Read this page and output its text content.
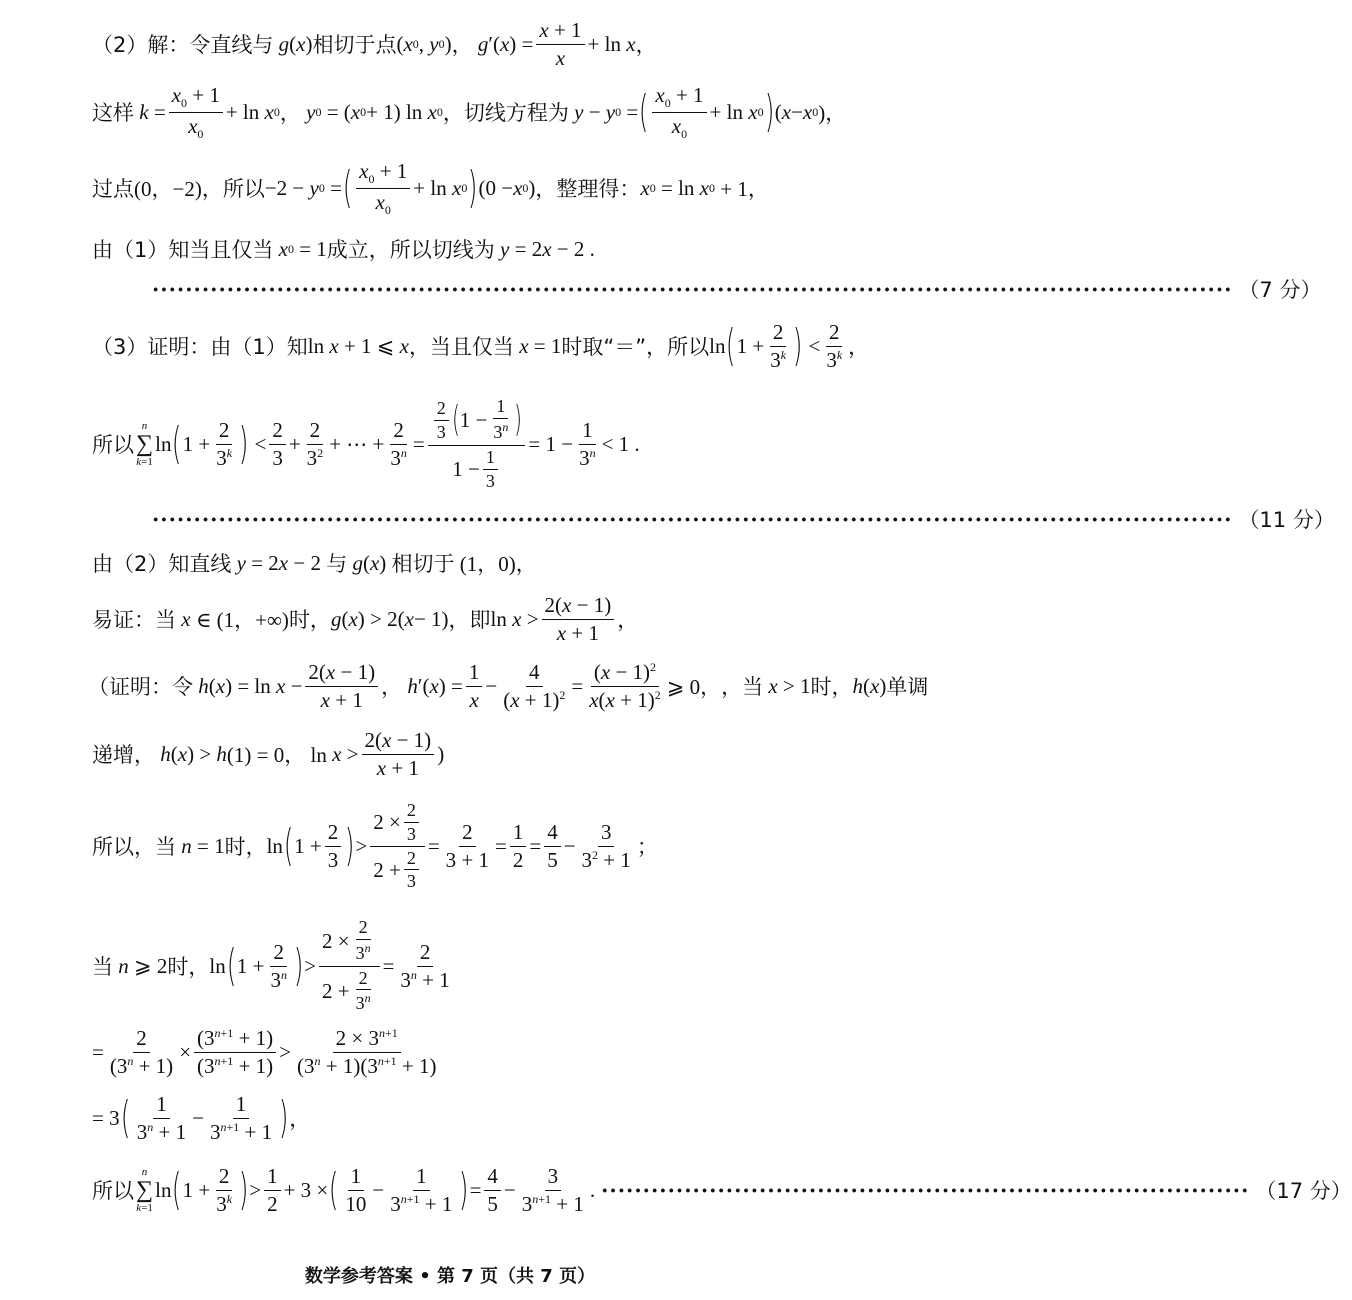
（2）解：令直线与 g ( x ) 相切于点 ( x 0 , y 0 ) ， g ′( x ) = $\frac{x + 1}{x} + \ln x$ ，
这样 $k = \frac{x_0 + 1}{x_0} + \ln x$ 0 ， y 0 = ( x 0 + 1) ln x 0 ，切线方程为 y − y 0 = ( $\frac{x_0 + 1}{x_0} + \ln x$ 0 ) ( x − x 0 )，
过点 (0，−2) ，所以 −2 − y 0 = ( $\frac{x_0 + 1}{x_0} + \ln x$ 0 ) (0 − x 0 ) ，整理得： x 0 = ln x 0 + 1，
由（1）知当且仅当 x 0 = 1 成立，所以切线为 y = 2 x − 2 .
·································································································································· （7 分）
（3）证明：由（1）知 ln x + 1 ⩽ x ，当且仅当 x = 1 时取“＝”，所以 ln ( $1 + \frac{2}{3^k}$ ) < $\frac{2}{3^k}$ ，
所以
n
∑
k=1
ln ( $1 + \frac{2}{3^k}$ ) < $\frac{2}{3} + \frac{2}{3^2}$ + ⋯ + $\frac{2}{3^n} = \frac{\frac{2}{3} ( 1 - \frac{1}{3^n} )}{1 - \frac{1}{3}} = 1 - \frac{1}{3^n} < 1$ .
·································································································································· （11 分）
由（2）知直线 y = 2 x − 2 与 g ( x ) 相切于 (1，0)，
易证：当 x ∈ (1，+∞) 时， g ( x ) > 2( x − 1) ，即 $\ln x > \frac{2(x - 1)}{x + 1}$ ，
（证明：令 h ( x ) = $\ln x - \frac{2(x - 1)}{x + 1}$ ， h ′( x ) = $\frac{1}{x} - \frac{4}{(x + 1)^2} = \frac{(x - 1)^2}{x(x + 1)^2}$ ⩾ 0， ，当 x > 1 时， h ( x ) 单调
递增， h ( x ) > h (1) = 0， $\ln x > \frac{2(x - 1)}{x + 1}$ )
所以，当 n = 1 时， ln ( $1 + \frac{2}{3}$ ) > $\frac{2 \times \frac{2}{3}}{2 + \frac{2}{3}} = \frac{2}{3 + 1} = \frac{1}{2} = \frac{4}{5} - \frac{3}{3^2 + 1}$ ；
当 n ⩾ 2 时， ln ( $1 + \frac{2}{3^n}$ ) > $\frac{2 \times \frac{2}{3^n}}{2 + \frac{2}{3^n}} = \frac{2}{3^n + 1}$
= $\frac{2}{(3^n + 1)} \times \frac{(3^{n+1} + 1)}{(3^{n+1} + 1)} > \frac{2 \times 3^{n+1}}{(3^n + 1)(3^{n+1} + 1)}$
= 3 ( $\frac{1}{3^n + 1} - \frac{1}{3^{n+1} + 1}$ ) ，
所以
n
∑
k=1
ln ( $1 + \frac{2}{3^k}$ ) > $\frac{1}{2} + 3$ × ( $\frac{1}{10} - \frac{1}{3^{n+1} + 1}$ ) = $\frac{4}{5} - \frac{3}{3^{n+1} + 1}$ . ·············································································· （17 分）
数学参考答案 • 第 7 页（共 7 页）
